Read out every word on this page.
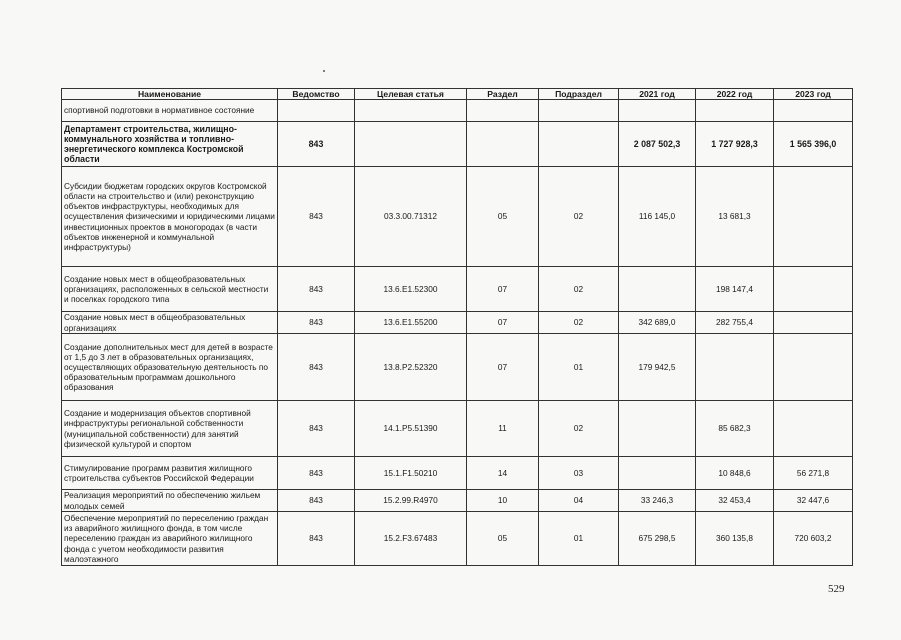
Наименование	Ведомство	Целевая статья	Раздел	Подраздел	2021 год	2022 год	2023 год
спортивной подготовки в нормативное состояние							
Департамент строительства, жилищно-коммунального хозяйства и топливно-энергетического комплекса Костромской области	843				2 087 502,3	1 727 928,3	1 565 396,0
Субсидии бюджетам городских округов Костромской области на строительство и (или) реконструкцию объектов инфраструктуры, необходимых для осуществления физическими и юридическими лицами инвестиционных проектов в моногородах (в части объектов инженерной и коммунальной инфраструктуры)	843	03.3.00.71312	05	02	116 145,0	13 681,3	
Создание новых мест в общеобразовательных организациях, расположенных в сельской местности и поселках городского типа	843	13.6.E1.52300	07	02		198 147,4	
Создание новых мест в общеобразовательных организациях	843	13.6.E1.55200	07	02	342 689,0	282 755,4	
Создание дополнительных мест для детей в возрасте от 1,5 до 3 лет в образовательных организациях, осуществляющих образовательную деятельность по образовательным программам дошкольного образования	843	13.8.P2.52320	07	01	179 942,5		
Создание и модернизация объектов спортивной инфраструктуры региональной собственности (муниципальной собственности) для занятий физической культурой и спортом	843	14.1.P5.51390	11	02		85 682,3	
Стимулирование программ развития жилищного строительства субъектов Российской Федерации	843	15.1.F1.50210	14	03		10 848,6	56 271,8
Реализация мероприятий по обеспечению жильем молодых семей	843	15.2.99.R4970	10	04	33 246,3	32 453,4	32 447,6
Обеспечение мероприятий по переселению граждан из аварийного жилищного фонда, в том числе переселению граждан из аварийного жилищного фонда с учетом необходимости развития малоэтажного	843	15.2.F3.67483	05	01	675 298,5	360 135,8	720 603,2
529
